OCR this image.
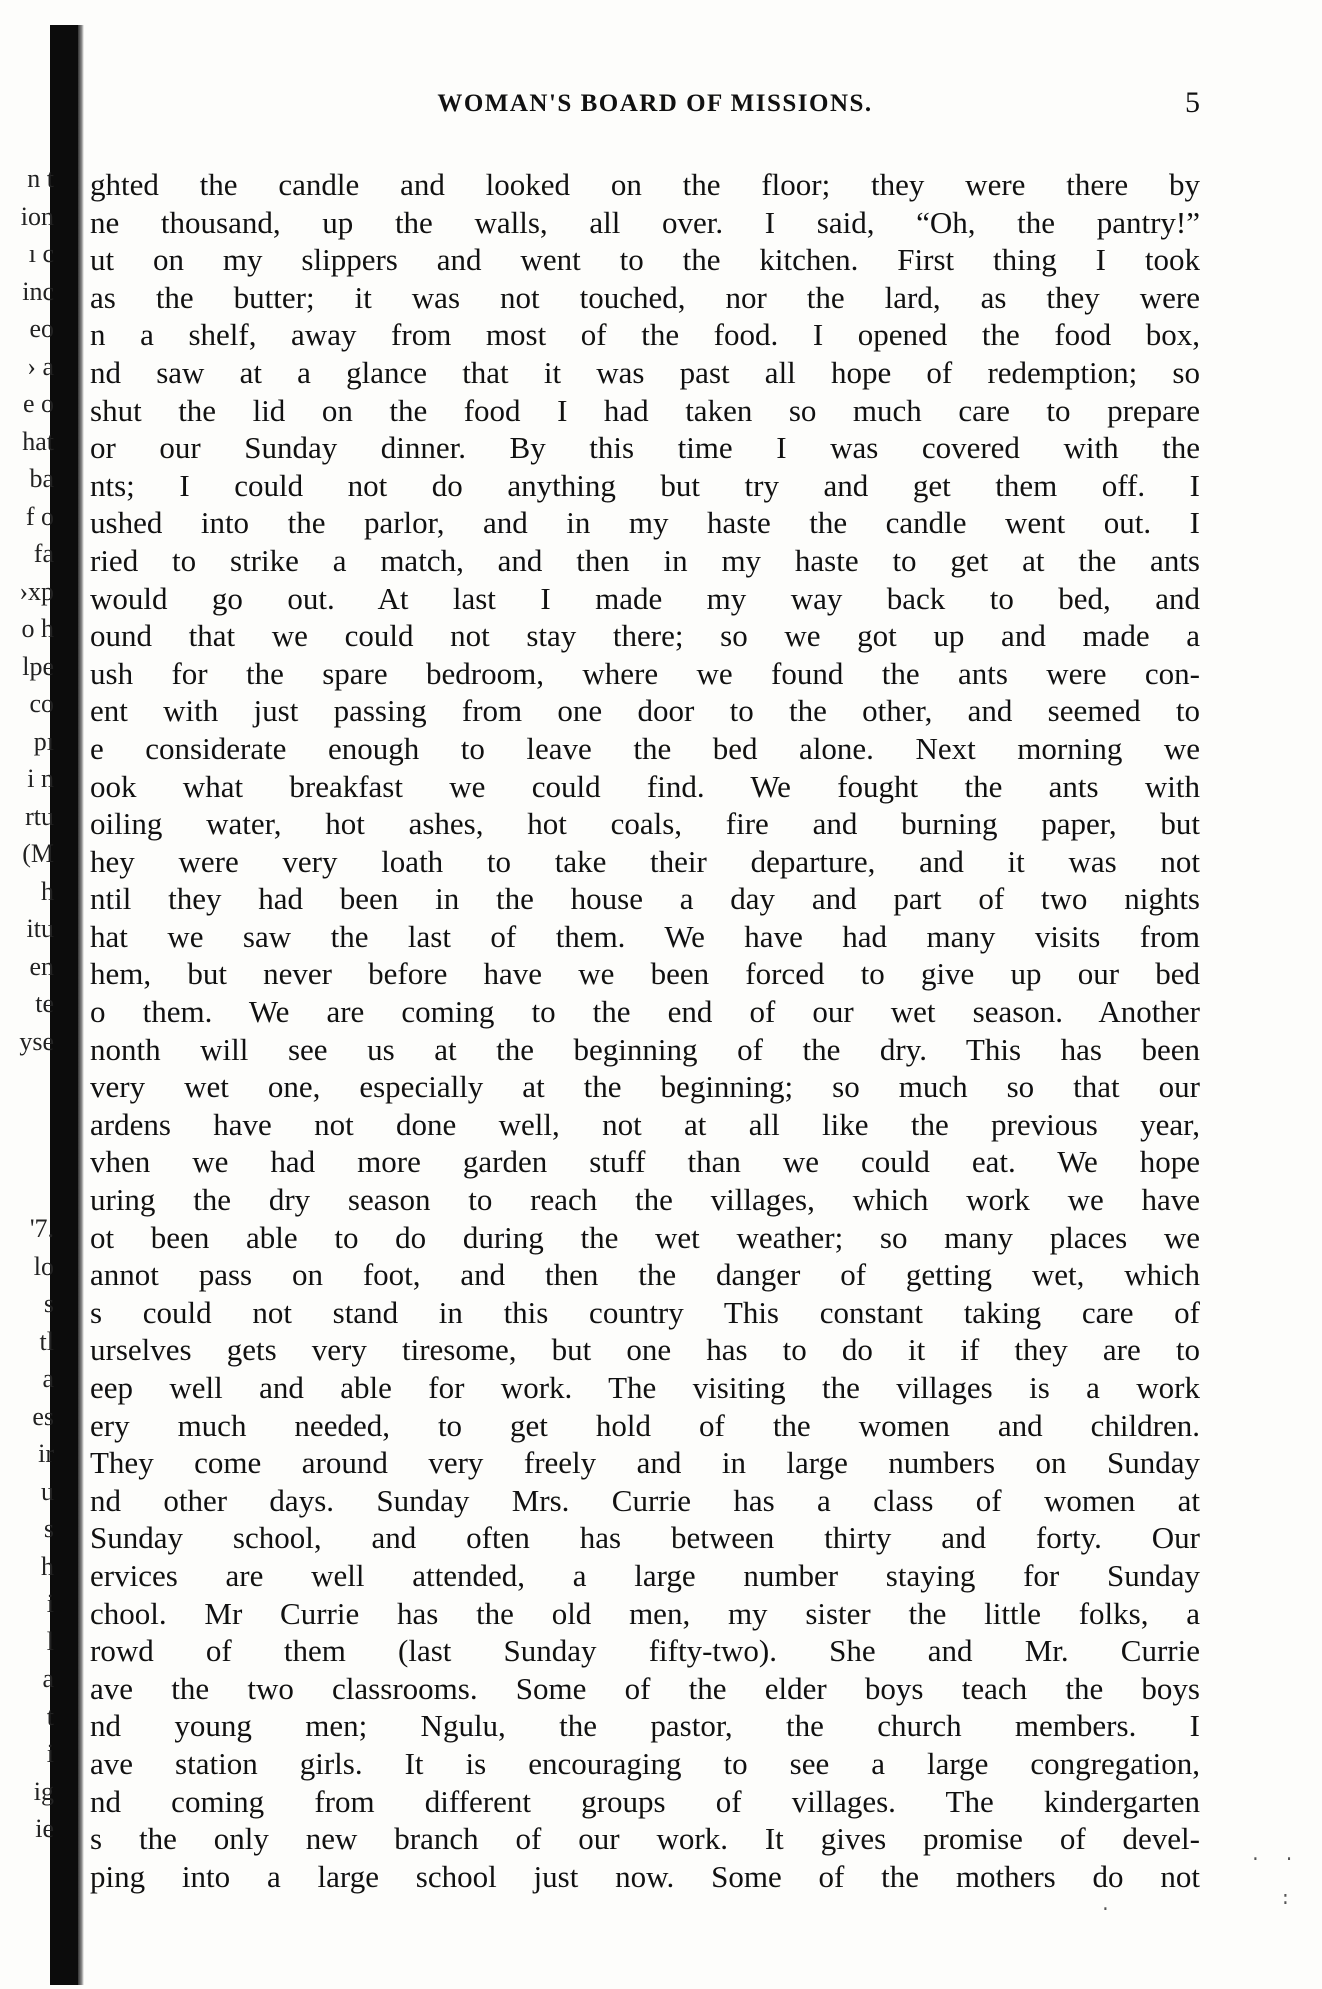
n t
ion
ı c
inc
eo
› a
e o
hat
ba
f o
fa
›xp
o h
lpe
co
pı
i n
rtu
(M
h
itu
en
te
yse
'7.
lo
s
tl
a
es
ir
u
s
h
i
l
a
t
i
ig
ie
WOMAN'S BOARD OF MISSIONS.	5
ghted the candle and looked on the floor; they were there by
ne thousand, up the walls, all over. I said, “Oh, the pantry!”
ut on my slippers and went to the kitchen. First thing I took
as the butter; it was not touched, nor the lard, as they were
n a shelf, away from most of the food. I opened the food box,
nd saw at a glance that it was past all hope of redemption; so
shut the lid on the food I had taken so much care to prepare
or our Sunday dinner. By this time I was covered with the
nts; I could not do anything but try and get them off. I
ushed into the parlor, and in my haste the candle went out. I
ried to strike a match, and then in my haste to get at the ants
would go out. At last I made my way back to bed, and
ound that we could not stay there; so we got up and made a
ush for the spare bedroom, where we found the ants were con-
ent with just passing from one door to the other, and seemed to
e considerate enough to leave the bed alone. Next morning we
ook what breakfast we could find. We fought the ants with
oiling water, hot ashes, hot coals, fire and burning paper, but
hey were very loath to take their departure, and it was not
ntil they had been in the house a day and part of two nights
hat we saw the last of them. We have had many visits from
hem, but never before have we been forced to give up our bed
o them. We are coming to the end of our wet season. Another
nonth will see us at the beginning of the dry. This has been
very wet one, especially at the beginning; so much so that our
ardens have not done well, not at all like the previous year,
vhen we had more garden stuff than we could eat. We hope
uring the dry season to reach the villages, which work we have
ot been able to do during the wet weather; so many places we
annot pass on foot, and then the danger of getting wet, which
s could not stand in this country This constant taking care of
urselves gets very tiresome, but one has to do it if they are to
eep well and able for work. The visiting the villages is a work
ery much needed, to get hold of the women and children.
They come around very freely and in large numbers on Sunday
nd other days. Sunday Mrs. Currie has a class of women at
Sunday school, and often has between thirty and forty. Our
ervices are well attended, a large number staying for Sunday
chool. Mr Currie has the old men, my sister the little folks, a
rowd of them (last Sunday fifty-two). She and Mr. Currie
ave the two classrooms. Some of the elder boys teach the boys
nd young men; Ngulu, the pastor, the church members. I
ave station girls. It is encouraging to see a large congregation,
nd coming from different groups of villages. The kindergarten
s the only new branch of our work. It gives promise of devel-
ping into a large school just now. Some of the mothers do not	· ·
:
·
